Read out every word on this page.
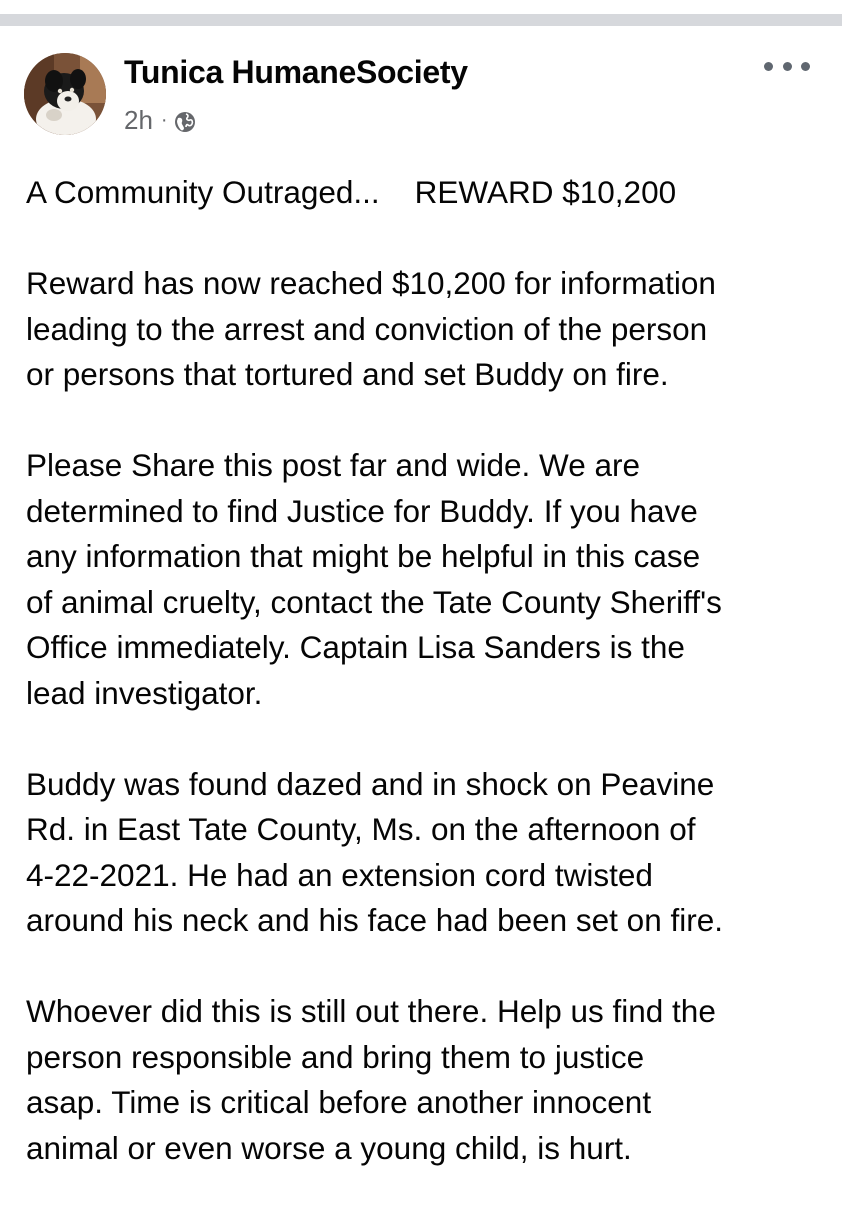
Tunica HumaneSociety
2h ·

A Community Outraged...    REWARD $10,200

Reward has now reached $10,200 for information
leading to the arrest and conviction of the person
or persons that tortured and set Buddy on fire.

Please Share this post far and wide. We are
determined to find Justice for Buddy. If you have
any information that might be helpful in this case
of animal cruelty, contact the Tate County Sheriff's
Office immediately. Captain Lisa Sanders is the
lead investigator.

Buddy was found dazed and in shock on Peavine
Rd. in East Tate County, Ms. on the afternoon of
4-22-2021. He had an extension cord twisted
around his neck and his face had been set on fire.

Whoever did this is still out there. Help us find the
person responsible and bring them to justice
asap. Time is critical before another innocent
animal or even worse a young child, is hurt.
